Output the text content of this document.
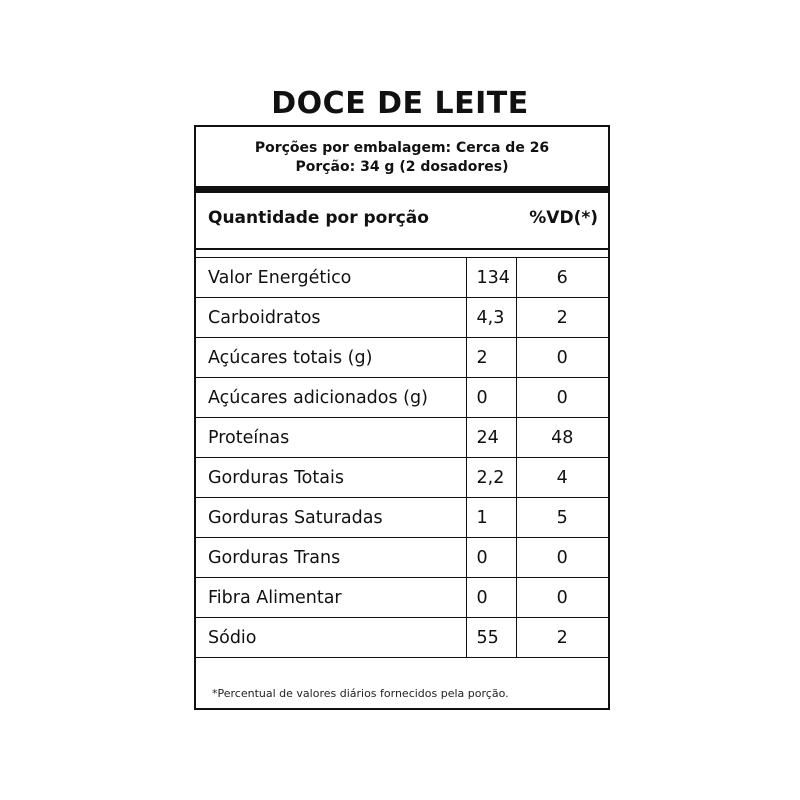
DOCE DE LEITE
Porções por embalagem: Cerca de 26
Porção: 34 g (2 dosadores)
Quantidade por porção	%VD(*)
Valor Energético	134	6
Carboidratos	4,3	2
Açúcares totais (g)	2	0
Açúcares adicionados (g)	0	0
Proteínas	24	48
Gorduras Totais	2,2	4
Gorduras Saturadas	1	5
Gorduras Trans	0	0
Fibra Alimentar	0	0
Sódio	55	2
*Percentual de valores diários fornecidos pela porção.
